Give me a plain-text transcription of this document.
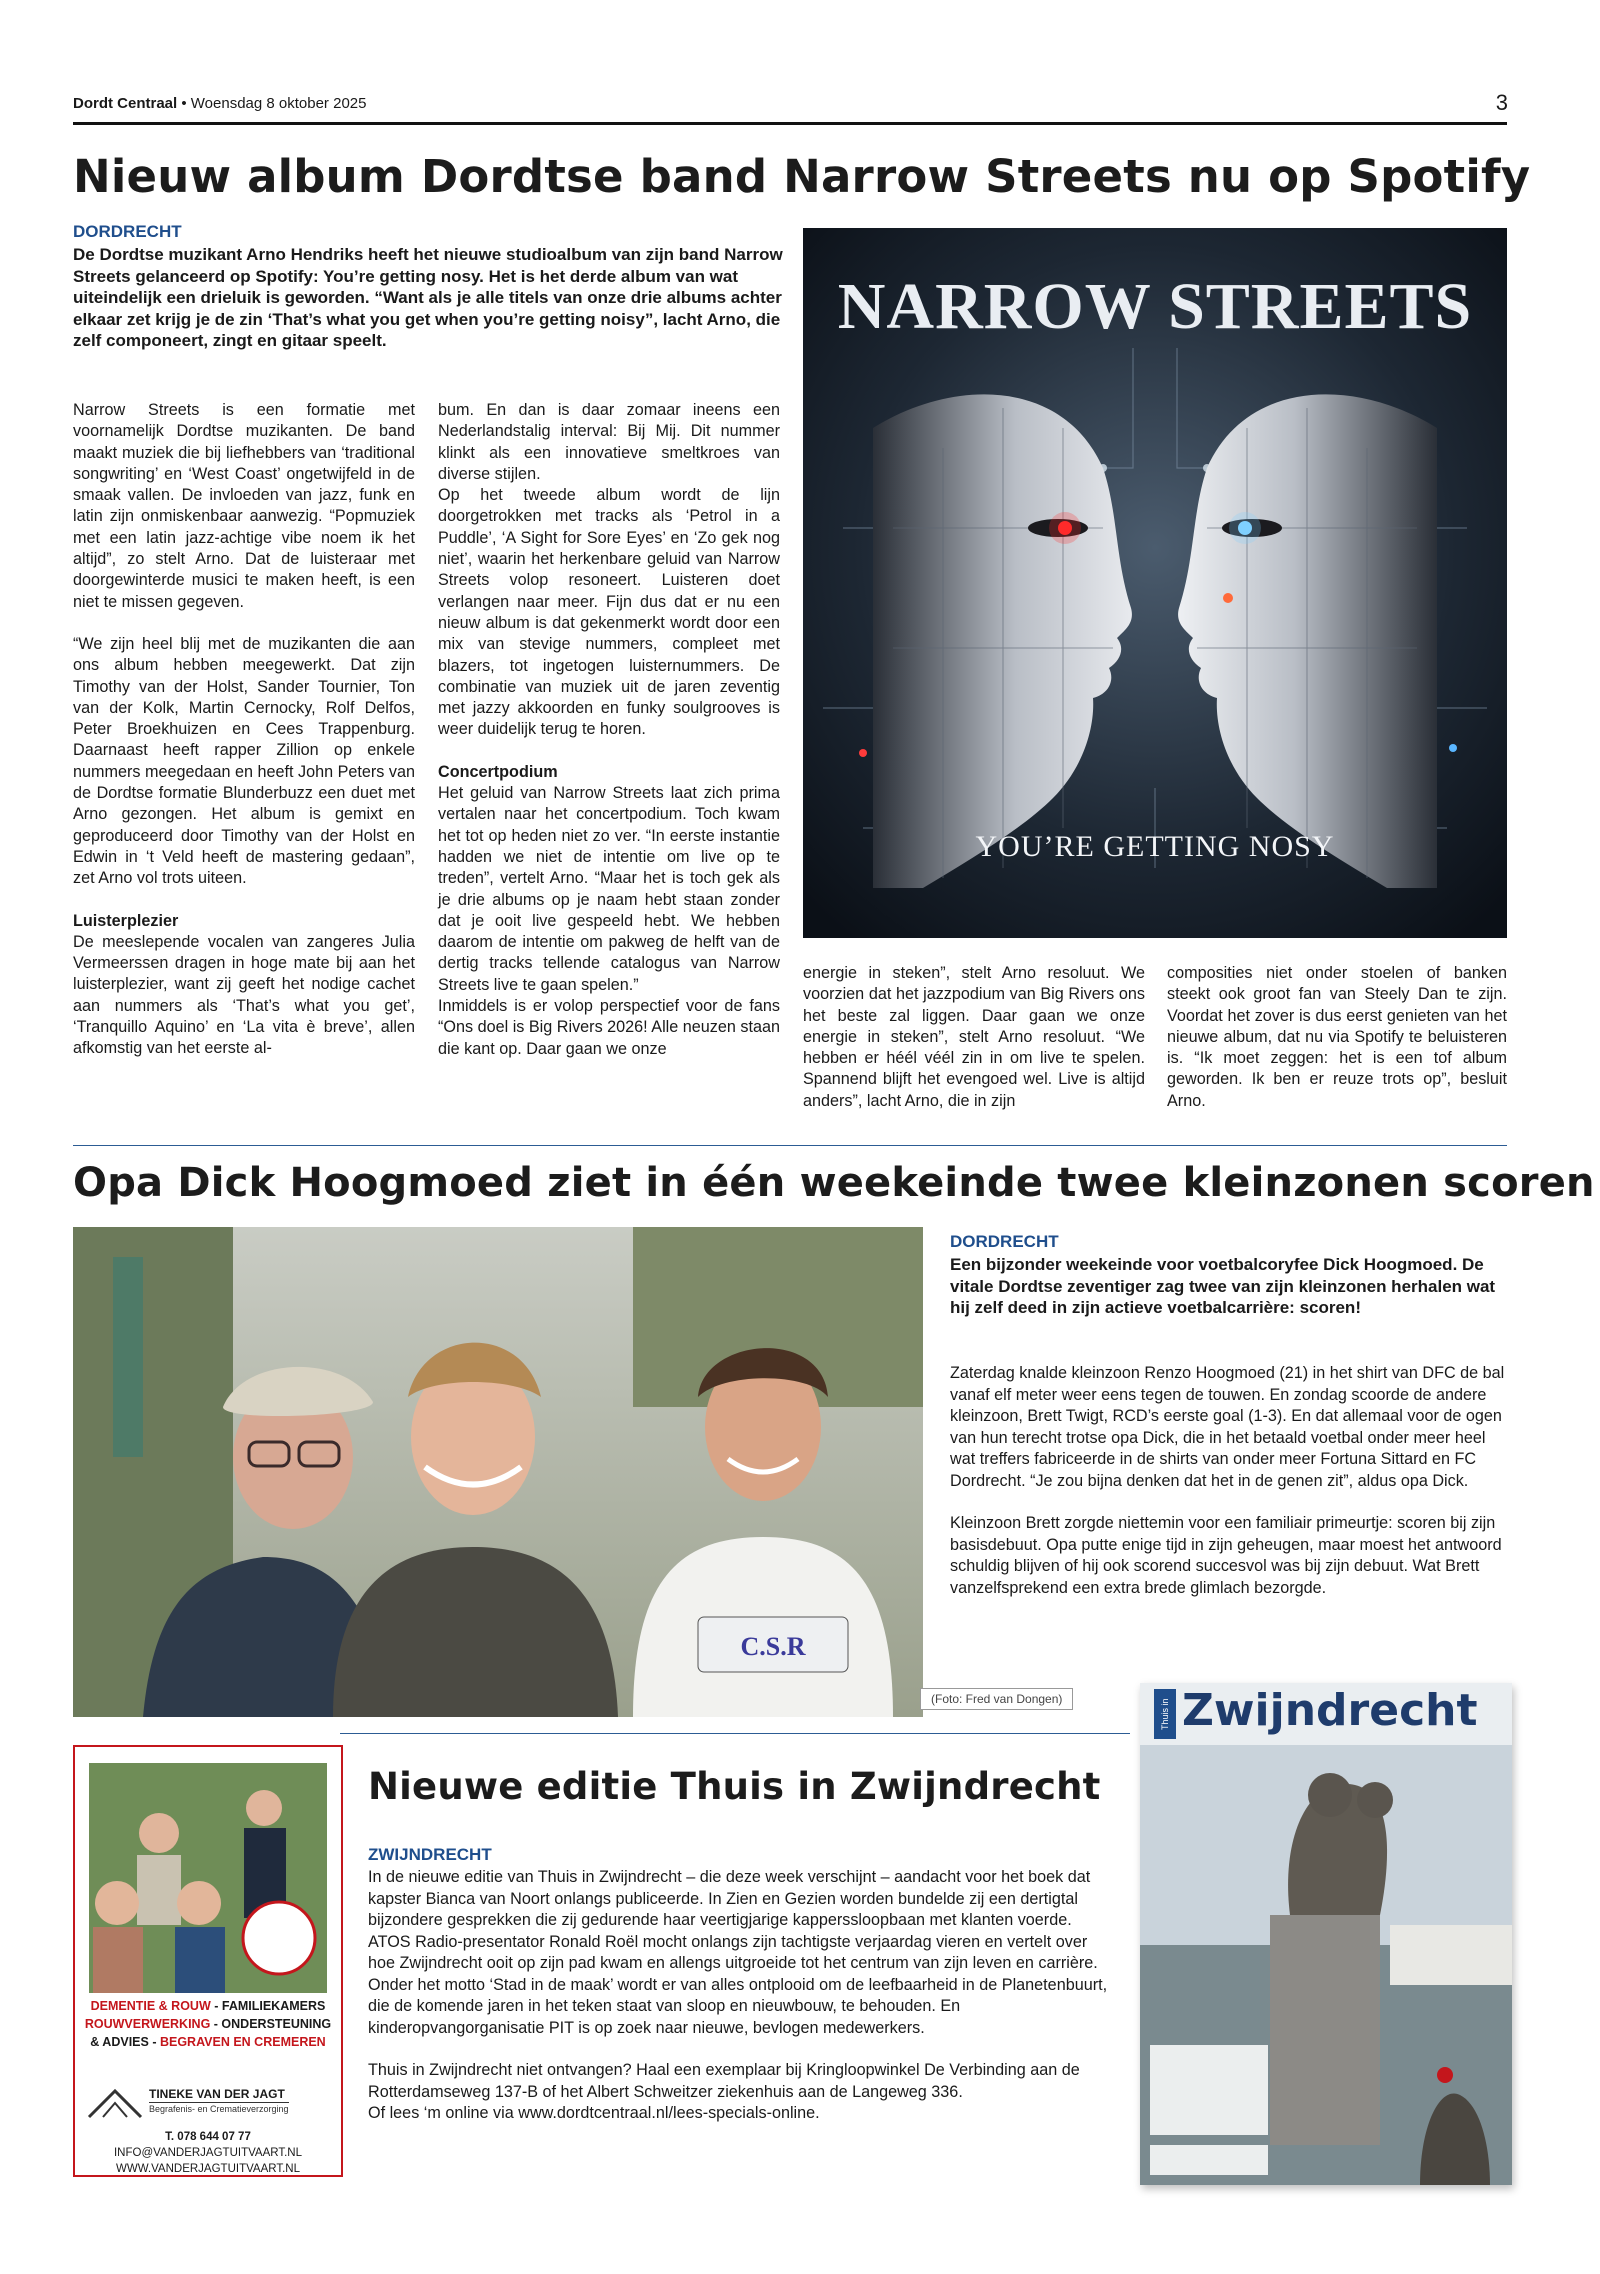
Dordt Centraal • Woensdag 8 oktober 2025	3
Nieuw album Dordtse band Narrow Streets nu op Spotify
DORDRECHT
De Dordtse muzikant Arno Hendriks heeft het nieuwe studioalbum van zijn band Narrow Streets gelanceerd op Spotify: You’re getting nosy. Het is het derde album van wat uiteindelijk een drieluik is geworden. “Want als je alle titels van onze drie albums achter elkaar zet krijg je de zin ‘That’s what you get when you’re getting noisy”, lacht Arno, die zelf componeert, zingt en gitaar speelt.	NARROW STREETS
YOU’RE GETTING NOSY

Narrow Streets is een formatie met voornamelijk Dordtse muzikanten. De band maakt muziek die bij liefhebbers van ‘traditional songwriting’ en ‘West Coast’ ongetwijfeld in de smaak vallen. De invloeden van jazz, funk en latin zijn onmiskenbaar aanwezig. “Popmuziek met een latin jazz-achtige vibe noem ik het altijd”, zo stelt Arno. Dat de luisteraar met doorgewinterde musici te maken heeft, is een niet te missen gegeven.

“We zijn heel blij met de muzikanten die aan ons album hebben meegewerkt. Dat zijn Timothy van der Holst, Sander Tournier, Ton van der Kolk, Martin Cernocky, Rolf Delfos, Peter Broekhuizen en Cees Trappenburg. Daarnaast heeft rapper Zillion op enkele nummers meegedaan en heeft John Peters van de Dordtse formatie Blunderbuzz een duet met Arno gezongen. Het album is gemixt en geproduceerd door Timothy van der Holst en Edwin in ‘t Veld heeft de mastering gedaan”, zet Arno vol trots uiteen.

Luisterplezier

De meeslepende vocalen van zangeres Julia Vermeerssen dragen in hoge mate bij aan het luisterplezier, want zij geeft het nodige cachet aan nummers als ‘That’s what you get’, ‘Tranquillo Aquino’ en ‘La vita è breve’, allen afkomstig van het eerste al-

bum. En dan is daar zomaar ineens een Nederlandstalig interval: Bij Mij. Dit nummer klinkt als een innovatieve smeltkroes van diverse stijlen.

Op het tweede album wordt de lijn doorgetrokken met tracks als ‘Petrol in a Puddle’, ‘A Sight for Sore Eyes’ en ‘Zo gek nog niet’, waarin het herkenbare geluid van Narrow Streets volop resoneert. Luisteren doet verlangen naar meer. Fijn dus dat er nu een nieuw album is dat gekenmerkt wordt door een mix van stevige nummers, compleet met blazers, tot ingetogen luisternummers. De combinatie van muziek uit de jaren zeventig met jazzy akkoorden en funky soulgrooves is weer duidelijk terug te horen.

Concertpodium

Het geluid van Narrow Streets laat zich prima vertalen naar het concertpodium. Toch kwam het tot op heden niet zo ver. “In eerste instantie hadden we niet de intentie om live op te treden”, vertelt Arno. “Maar het is toch gek als je drie albums op je naam hebt staan zonder dat je ooit live gespeeld hebt. We hebben daarom de intentie om pakweg de helft van de dertig tracks tellende catalogus van Narrow Streets live te gaan spelen.”

Inmiddels is er volop perspectief voor de fans “Ons doel is Big Rivers 2026! Alle neuzen staan die kant op. Daar gaan we onze

energie in steken”, stelt Arno resoluut. We voorzien dat het jazzpodium van Big Rivers ons het beste zal liggen. Daar gaan we onze energie in steken”, stelt Arno resoluut. “We hebben er héél véél zin in om live te spelen. Spannend blijft het evengoed wel. Live is altijd anders”, lacht Arno, die in zijn

composities niet onder stoelen of banken steekt ook groot fan van Steely Dan te zijn. Voordat het zover is dus eerst genieten van het nieuwe album, dat nu via Spotify te beluisteren is. “Ik moet zeggen: het is een tof album geworden. Ik ben er reuze trots op”, besluit Arno.

Opa Dick Hoogmoed ziet in één weekeinde twee kleinzonen scoren
C.S.R
DORDRECHT
Een bijzonder weekeinde voor voetbalcoryfee Dick Hoogmoed. De vitale Dordtse zeventiger zag twee van zijn kleinzonen herhalen wat hij zelf deed in zijn actieve voetbalcarrière: scoren!

Zaterdag knalde kleinzoon Renzo Hoogmoed (21) in het shirt van DFC de bal vanaf elf meter weer eens tegen de touwen. En zondag scoorde de andere kleinzoon, Brett Twigt, RCD’s eerste goal (1-3). En dat allemaal voor de ogen van hun terecht trotse opa Dick, die in het betaald voetbal onder meer heel wat treffers fabriceerde in de shirts van onder meer Fortuna Sittard en FC Dordrecht. “Je zou bijna denken dat het in de genen zit”, aldus opa Dick.

Kleinzoon Brett zorgde niettemin voor een familiair primeurtje: scoren bij zijn basisdebuut. Opa putte enige tijd in zijn geheugen, maar moest het antwoord schuldig blijven of hij ook scorend succesvol was bij zijn debuut. Wat Brett vanzelfsprekend een extra brede glimlach bezorgde.

(Foto: Fred van Dongen)
DEMENTIE & ROUW - FAMILIEKAMERS
ROUWVERWERKING - ONDERSTEUNING
& ADVIES - BEGRAVEN EN CREMEREN
TINEKE VAN DER JAGT
Begrafenis- en Crematieverzorging
T. 078 644 07 77
INFO@VANDERJAGTUITVAART.NL
WWW.VANDERJAGTUITVAART.NL
Nieuwe editie Thuis in Zwijndrecht
ZWIJNDRECHT

In de nieuwe editie van Thuis in Zwijndrecht – die deze week verschijnt – aandacht voor het boek dat kapster Bianca van Noort onlangs publiceerde. In Zien en Gezien worden bundelde zij een dertigtal bijzondere gesprekken die zij gedurende haar veertigjarige kapperssloopbaan met klanten voerde. ATOS Radio-presentator Ronald Roël mocht onlangs zijn tachtigste verjaardag vieren en vertelt over hoe Zwijndrecht ooit op zijn pad kwam en allengs uitgroeide tot het centrum van zijn leven en carrière. Onder het motto ‘Stad in de maak’ wordt er van alles ontplooid om de leefbaarheid in de Planetenbuurt, die de komende jaren in het teken staat van sloop en nieuwbouw, te behouden. En kinderopvangorganisatie PIT is op zoek naar nieuwe, bevlogen medewerkers.

Thuis in Zwijndrecht niet ontvangen? Haal een exemplaar bij Kringloopwinkel De Verbinding aan de Rotterdamseweg 137-B of het Albert Schweitzer ziekenhuis aan de Langeweg 336.

Of lees ‘m online via www.dordtcentraal.nl/lees-specials-online.

Thuis in Zwijndrecht
